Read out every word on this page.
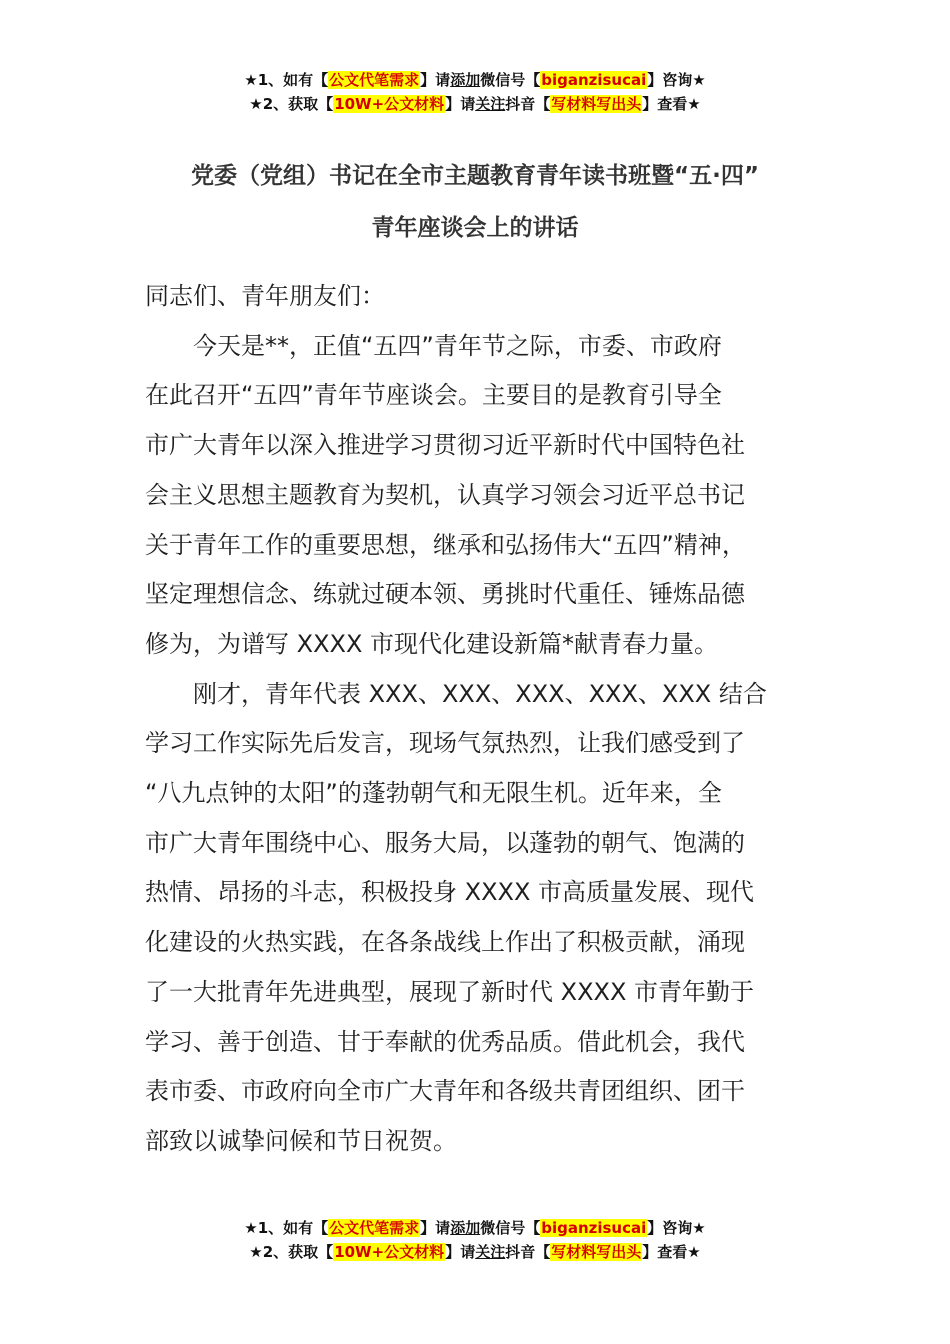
★1、如有【公文代笔需求】请添加微信号【biganzisucai】咨询★
★2、获取【10W+公文材料】请关注抖音【写材料写出头】查看★
党委（党组）书记在全市主题教育青年读书班暨“五·四”
青年座谈会上的讲话
同志们、青年朋友们：
今天是**，正值“五四”青年节之际，市委、市政府
在此召开“五四”青年节座谈会。主要目的是教育引导全
市广大青年以深入推进学习贯彻习近平新时代中国特色社
会主义思想主题教育为契机，认真学习领会习近平总书记
关于青年工作的重要思想，继承和弘扬伟大“五四”精神，
坚定理想信念、练就过硬本领、勇挑时代重任、锤炼品德
修为，为谱写 XXXX 市现代化建设新篇*献青春力量。
刚才，青年代表 XXX、XXX、XXX、XXX、XXX 结合
学习工作实际先后发言，现场气氛热烈，让我们感受到了
“八九点钟的太阳”的蓬勃朝气和无限生机。近年来，全
市广大青年围绕中心、服务大局，以蓬勃的朝气、饱满的
热情、昂扬的斗志，积极投身 XXXX 市高质量发展、现代
化建设的火热实践，在各条战线上作出了积极贡献，涌现
了一大批青年先进典型，展现了新时代 XXXX 市青年勤于
学习、善于创造、甘于奉献的优秀品质。借此机会，我代
表市委、市政府向全市广大青年和各级共青团组织、团干
部致以诚挚问候和节日祝贺。
★1、如有【公文代笔需求】请添加微信号【biganzisucai】咨询★
★2、获取【10W+公文材料】请关注抖音【写材料写出头】查看★
